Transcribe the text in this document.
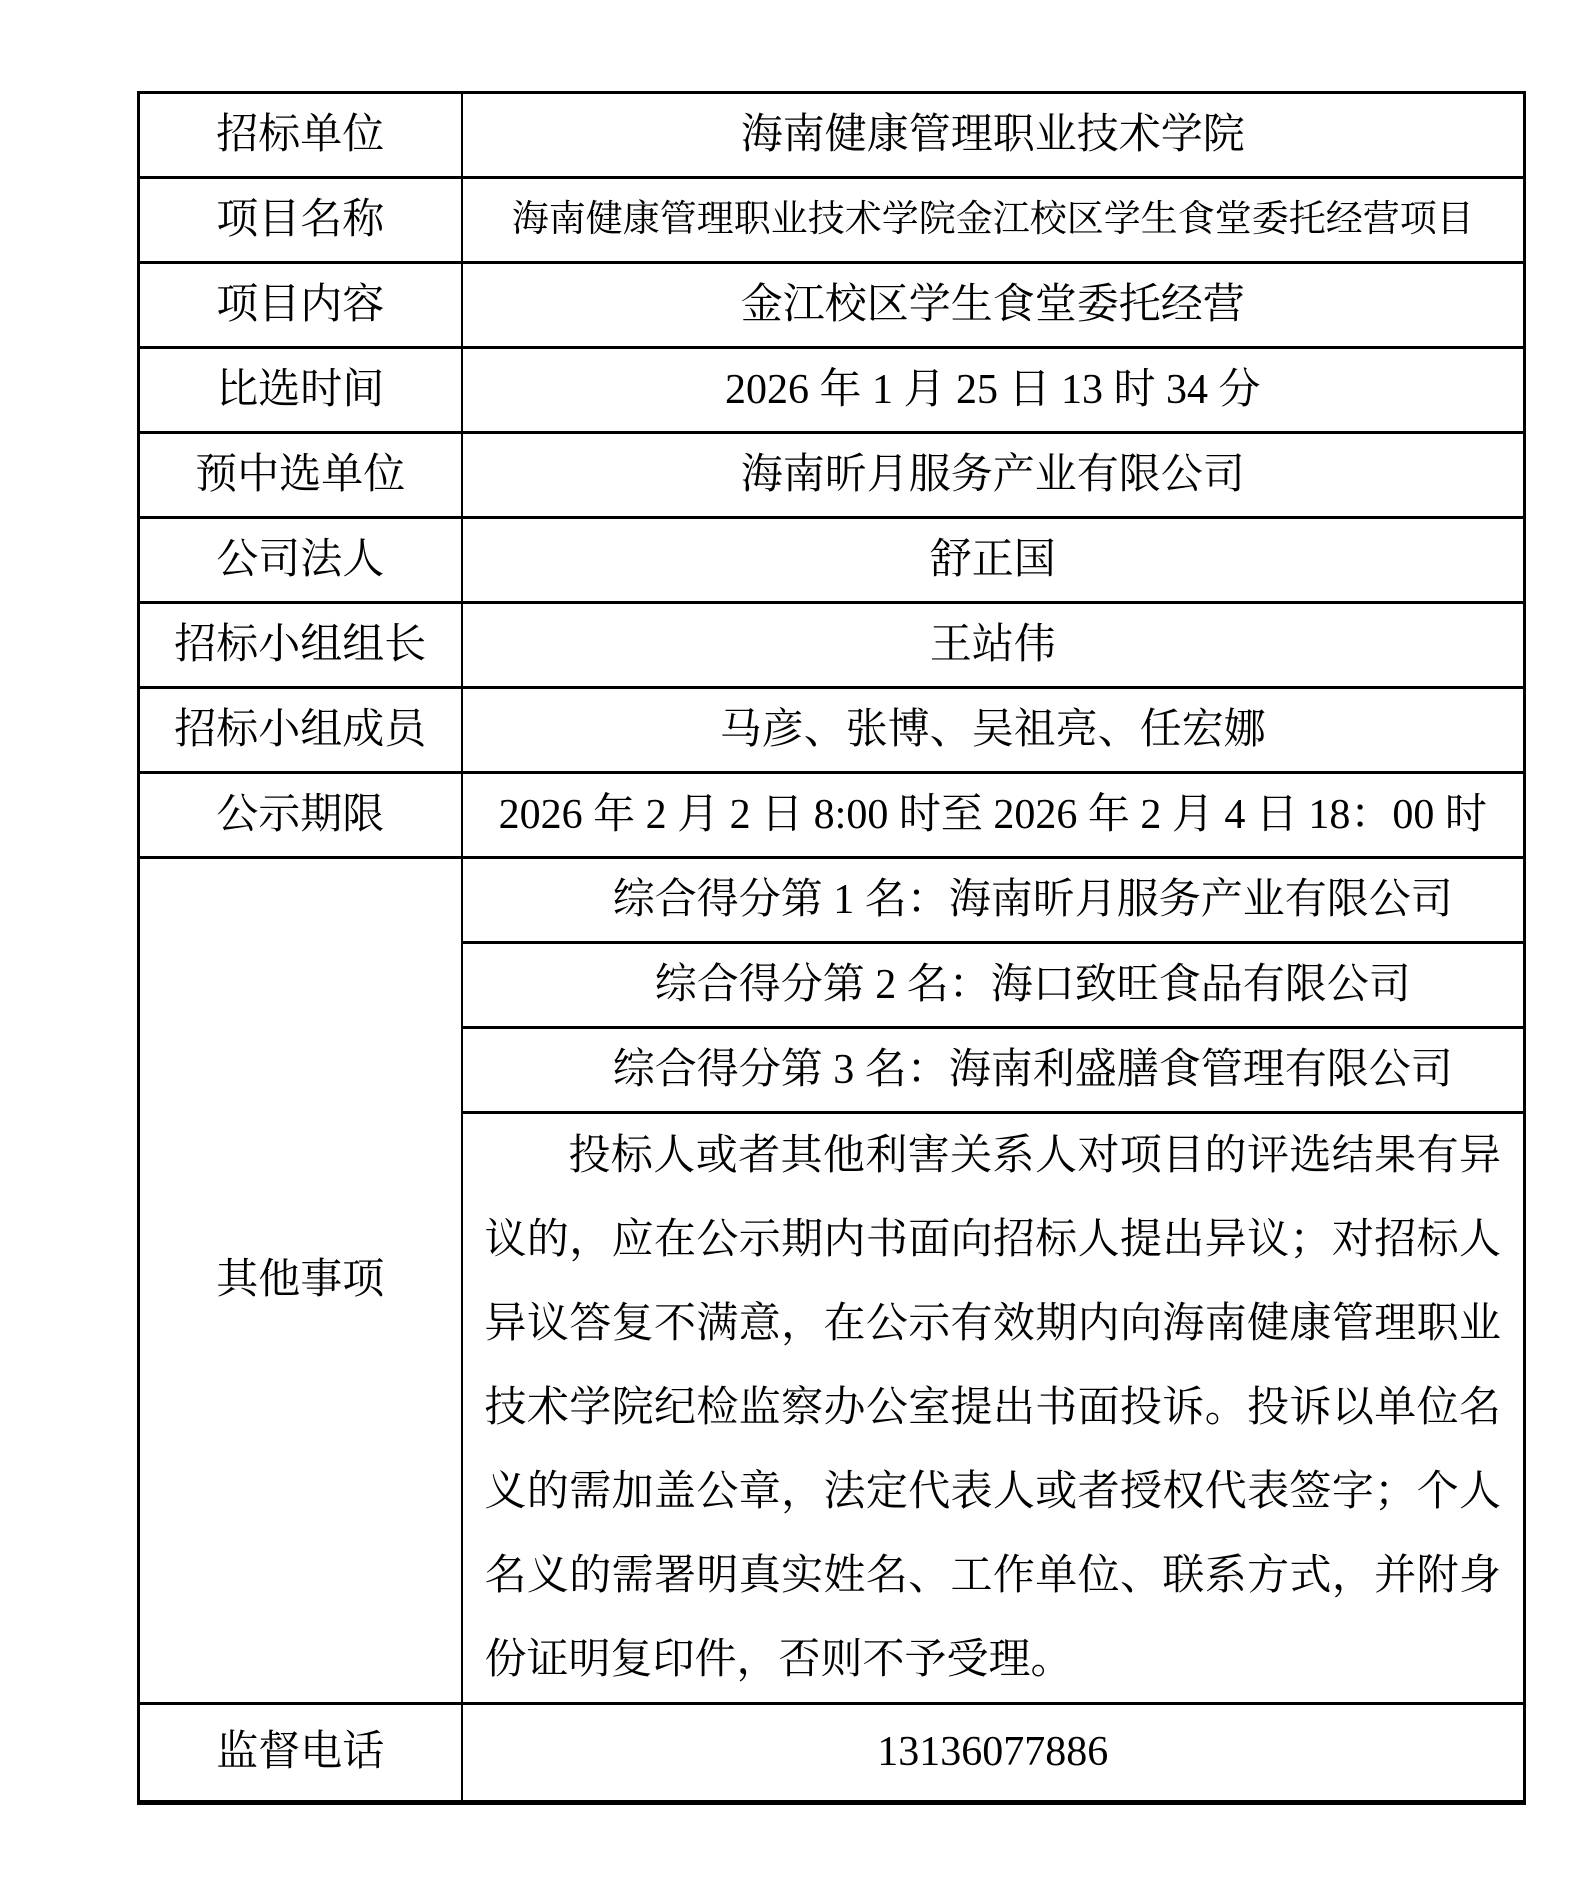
招标单位	海南健康管理职业技术学院
项目名称	海南健康管理职业技术学院金江校区学生食堂委托经营项目
项目内容	金江校区学生食堂委托经营
比选时间	2026 年 1 月 25 日 13 时 34 分
预中选单位	海南昕月服务产业有限公司
公司法人	舒正国
招标小组组长	王站伟
招标小组成员	马彦、张博、吴祖亮、任宏娜
公示期限	2026 年 2 月 2 日 8:00 时至 2026 年 2 月 4 日 18：00 时
其他事项	综合得分第 1 名：海南昕月服务产业有限公司
	综合得分第 2 名：海口致旺食品有限公司
	综合得分第 3 名：海南利盛膳食管理有限公司
	投标人或者其他利害关系人对项目的评选结果有异议的，应在公示期内书面向招标人提出异议；对招标人异议答复不满意，在公示有效期内向海南健康管理职业技术学院纪检监察办公室提出书面投诉。投诉以单位名义的需加盖公章，法定代表人或者授权代表签字；个人名义的需署明真实姓名、工作单位、联系方式，并附身份证明复印件，否则不予受理。
监督电话	13136077886
